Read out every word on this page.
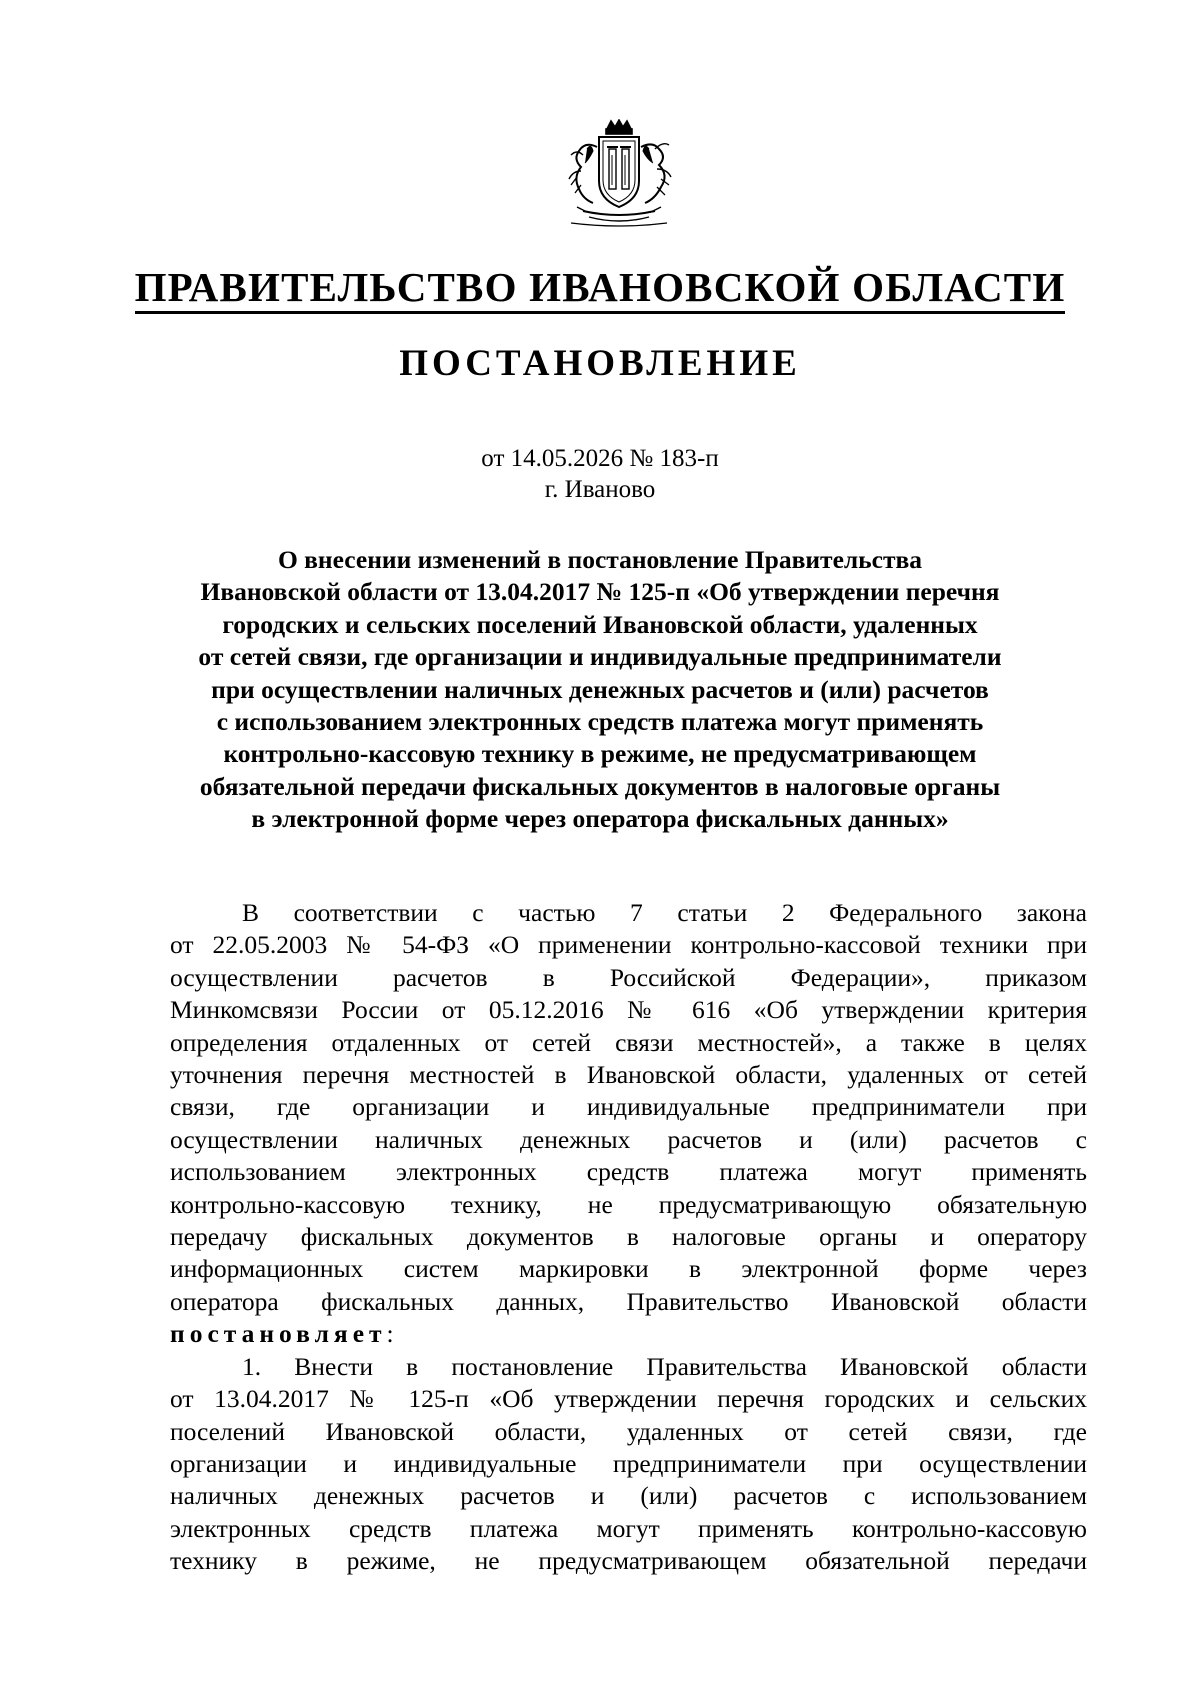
ПРАВИТЕЛЬСТВО ИВАНОВСКОЙ ОБЛАСТИ
ПОСТАНОВЛЕНИЕ
от 14.05.2026 № 183-п
г. Иваново
О внесении изменений в постановление Правительства
Ивановской области от 13.04.2017 № 125-п «Об утверждении перечня
городских и сельских поселений Ивановской области, удаленных
от сетей связи, где организации и индивидуальные предприниматели
при осуществлении наличных денежных расчетов и (или) расчетов
с использованием электронных средств платежа могут применять
контрольно-кассовую технику в режиме, не предусматривающем
обязательной передачи фискальных документов в налоговые органы
в электронной форме через оператора фискальных данных»
В соответствии с частью 7 статьи 2 Федерального закона
от 22.05.2003 № 54-ФЗ «О применении контрольно-кассовой техники при
осуществлении расчетов в Российской Федерации», приказом
Минкомсвязи России от 05.12.2016 № 616 «Об утверждении критерия
определения отдаленных от сетей связи местностей», а также в целях
уточнения перечня местностей в Ивановской области, удаленных от сетей
связи, где организации и индивидуальные предприниматели при
осуществлении наличных денежных расчетов и (или) расчетов с
использованием электронных средств платежа могут применять
контрольно-кассовую технику, не предусматривающую обязательную
передачу фискальных документов в налоговые органы и оператору
информационных систем маркировки в электронной форме через
оператора фискальных данных, Правительство Ивановской области
постановляет:
1. Внести в постановление Правительства Ивановской области
от 13.04.2017 № 125-п «Об утверждении перечня городских и сельских
поселений Ивановской области, удаленных от сетей связи, где
организации и индивидуальные предприниматели при осуществлении
наличных денежных расчетов и (или) расчетов с использованием
электронных средств платежа могут применять контрольно-кассовую
технику в режиме, не предусматривающем обязательной передачи
